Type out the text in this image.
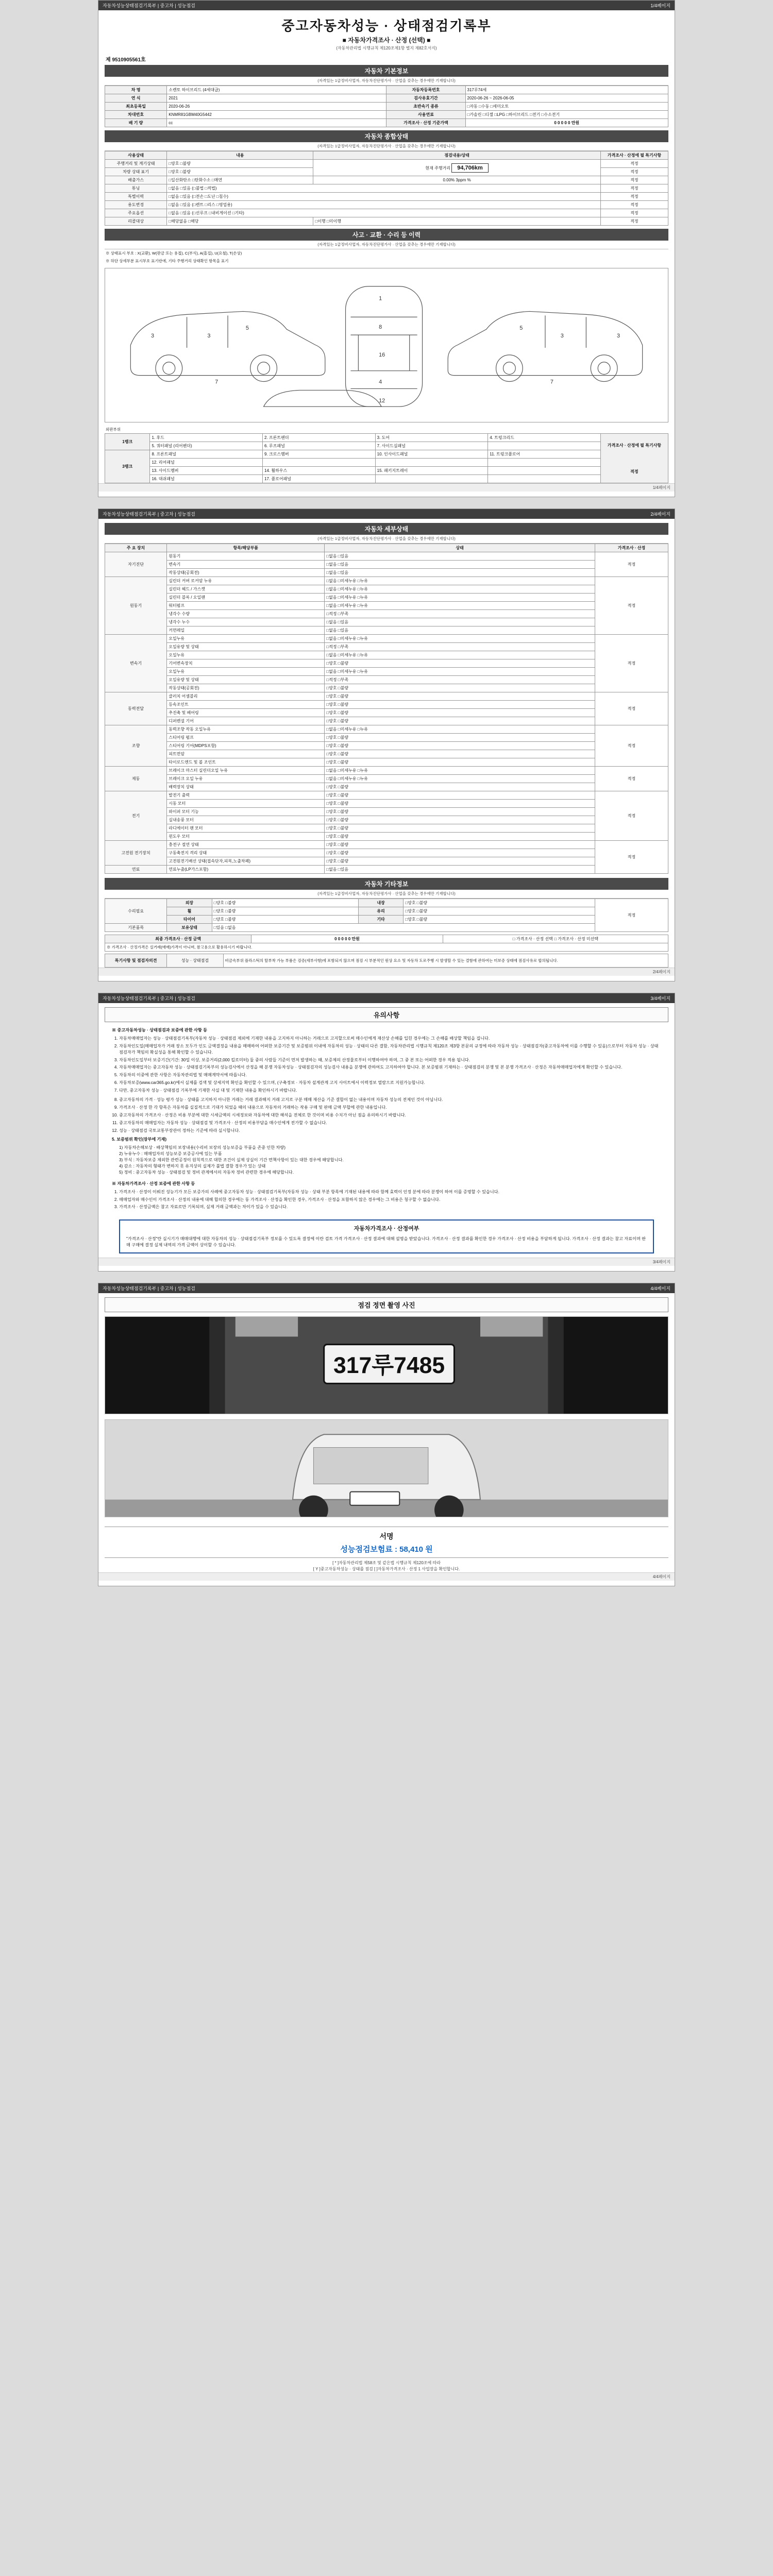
자동차성능상태점검기록부 | 중고차 | 성능점검	1/4페이지
중고자동차성능 · 상태점검기록부
■ 자동차가격조사 · 산정 (선택) ■
(자동차관리법 시행규칙 제120조제1항 별지 제82호서식)
제 9510905561호
자동차 기본정보
(자격있는 1급정비사업자, 자동차진단평가사 · 산업을 갖추는 경우에만 기재합니다)
차 명	소렌토 하이브리드 (4세대급)	자동차등록번호	317루74세
연 식	2021	검사유효기간	2020-06-26 ~ 2026-06-05
최초등록일	2020-06-26	초반속기 종류	□자동 □수동 □세미오토
차대번호	KNMR81GBM40G5442	사용연료	□가솔린 □디젤 □LPG □하이브리드 □전기 □수소전기
배 기 량	cc	가격조사 · 산정 기준가액	0 0 0 0 0 만원
자동차 종합상태
(자격있는 1급정비사업자, 자동차진단평가사 · 산업을 갖추는 경우에만 기재합니다)
사용상태	내용	점검내용/상태	가격조사 · 산정에 필 특기사항
주행거리 및 계기상태	□양호 □불량	현재 주행거리 94,706km	적정
차량 상태 표기	□양호 □불량		적정
배출가스	□일산화탄소 □탄화수소 □매연	0.00% 3ppm %	적정
튜닝	□없음 □있음 (□불법 □적법)		적정
특별이력	□없음 □있음 (□전손 □도난 □침수)		적정
용도변경	□없음 □있음 (□렌트 □리스 □영업용)		적정
주요옵션	□없음 □있음 (□선루프 □내비게이션 □기타)		적정
리콜대상	□해당없음 □해당	□이행 □미이행	적정
사고 · 교환 · 수리 등 이력
(자격있는 1급정비사업자, 자동차진단평가사 · 산업을 갖추는 경우에만 기재합니다)
※ 상태표시 부호 : X(교환), W(판금 또는 용접), C(부식), A(흠집), U(요철), T(손상)
※ 하단 상세부분 표시부호 표기란에, 기타 주행거리 상태확인 항목을 표기
3	3
5
7
1
8
16
4
12
3
3
5
7
외판부위
1랭크	1. 후드	2. 프론트펜더	3. 도어	4. 트렁크리드	가격조사 · 산정에 필 특기사항
적정

	5. 쿼터패널 (리어펜더)	6. 루프패널	7. 사이드실패널		
3랭크	8. 프론트패널	9. 크로스멤버	10. 인사이드패널	11. 트렁크플로어	
	12. 리어패널				
	13. 사이드멤버	14. 휠하우스	15. 패키지트레이		
	16. 대쉬패널	17. 플로어패널			
1/4페이지
자동차성능상태점검기록부 | 중고차 | 성능점검	2/4페이지
자동차 세부상태
(자격있는 1급정비사업자, 자동차진단평가사 · 산업을 갖추는 경우에만 기재합니다)
주 요 장치	항목/해당부품	상태	가격조사 · 산정
자기진단	원동기	□없음 □있음	적정
	변속기	□없음 □있음	
	작동상태(공회전)	□없음 □있음	
원동기	실린더 커버 로커암 누유	□없음 □미세누유 □누유	적정
	실린더 헤드 / 가스켓	□없음 □미세누유 □누유	
	실린더 블록 / 오일팬	□없음 □미세누유 □누유	
	워터펌프	□없음 □미세누유 □누유	
	냉각수 수량	□적정 □부족	
	냉각수 누수	□없음 □있음	
	커먼레일	□없음 □있음	
변속기	오일누유	□없음 □미세누유 □누유	적정
	오일유량 및 상태	□적정 □부족	
	오일누유	□없음 □미세누유 □누유	
	기어변속장치	□양호 □불량	
	오일누유	□없음 □미세누유 □누유	
	오일유량 및 상태	□적정 □부족	
	작동상태(공회전)	□양호 □불량	
동력전달	클러치 어셈블리	□양호 □불량	적정
	등속조인트	□양호 □불량	
	추진축 및 베어링	□양호 □불량	
	디퍼렌셜 기어	□양호 □불량	
조향	동력조향 작동 오일누유	□없음 □미세누유 □누유	적정
	스티어링 펌프	□양호 □불량	
	스티어링 기어(MDPS포함)	□양호 □불량	
	피트먼암	□양호 □불량	
	타이로드엔드 및 볼 조인트	□양호 □불량	
제동	브레이크 마스터 실린더오일 누유	□없음 □미세누유 □누유	적정
	브레이크 오일 누유	□없음 □미세누유 □누유	
	배력장치 상태	□양호 □불량	
전기	발전기 출력	□양호 □불량	적정
	시동 모터	□양호 □불량	
	와이퍼 모터 기능	□양호 □불량	
	실내송풍 모터	□양호 □불량	
	라디에이터 팬 모터	□양호 □불량	
	윈도우 모터	□양호 □불량	
고전원 전기장치	충전구 절연 상태	□양호 □불량	적정
	구동축전지 격리 상태	□양호 □불량	
	고전원전기배선 상태(접속단자,피복,노출차폐)	□양호 □불량	
연료	연료누출(LP가스포함)	□없음 □있음	
자동차 기타정보
(자격있는 1급정비사업자, 자동차진단평가사 · 산업을 갖추는 경우에만 기재합니다)
수리필요	외장	□양호 □불량	내장	□양호 □불량	적정
	휠	□양호 □불량	유리	□양호 □불량	
	타이어	□양호 □불량	기타	□양호 □불량	
기본품목	보유상태	□있음 □없음			
최종 가격조사 · 산정 금액	0 0 0 0 0 만원	□ 가격조사 · 산정 선택 □ 가격조사 · 산정 미선택
※ 가격조사 · 산정가격은 실거래(매매)가격이 아니며, 참고용으로 활용하시기 바랍니다.
특기사항 및 점검자의견	성능 · 상태점검	비금속부위 플라스틱의 탈부착 가능 부품은 검증(세부사항)에 포함되지 않으며 점검 시 부분적인 원상 요소 및 자동차 도로주행 시 발생할 수 있는 결함에 관하여는 미보증 상태에 점검사유로 합의됩니다.
2/4페이지
자동차성능상태점검기록부 | 중고차 | 성능점검	3/4페이지
유의사항
※ 중고자동차성능 · 상태점검과 보증에 관한 사항 등
1. 자동차매매업자는 성능 · 상태점검기록부(자동차 성능 · 상태점검 제외에 기재한 내용을 고지하지 아니하는 거래으로 고지할으로써 매수인에게 재산상 손해를 입힌 경우에는 그 손해를 배상할 책임을 집니다.
2. 자동차인도일(매매업자가 거래 장소 모두가 인도 금액결정을 내용을 매매하여 어떠한 보증기간 및 보증범위 이내에 자동차의 성능 · 상태의 다른 결함, 자동차관리법 시행규칙 제120조 제3항 본문의 규정에 따라 자동차 성능 · 상태점검자(중고자동차에 이를 수행할 수 있음)으로부터 자동차 성능 · 상태점검자가 책임의 확실성을 통해 확인할 수 있습니다.
3. 자동차인도일부터 보증기간(기간: 30일 이상, 보증거리(2,000 킬로미터) 둘 중의 사람들 기준이 먼저 발생하는 때, 보증제의 산정물로부터 이행하여야 하며, 그 중 본 또는 어떠한 경우 적용 됩니다.
4. 자동차매매업자는 중고자동차 성능 · 상태점검기록부의 성능검사에서 산정을 해 분쟁 자동차성능 · 상태점검자의 성능검사 내용을 분쟁에 관하여도 고지하여야 합니다. 본 보증범위 기재하는 · 상태점검의 분쟁 및 본 분쟁 가격조사 · 산정은 자동차매매업자에게 확인할 수 있습니다.
5. 자동차의 이중에 관한 사항은 자동차관리법 및 매매계약서에 따릅니다.
6. 자동차보증(www.car365.go.kr)에서 실제를 검색 및 상세지역 확인을 확인할 수 있으며, (구축정보 · 자동차 설계관계 고지 사이트에서 이력정보 열람으로 지원가능합니다.
7. 다만, 중고자동차 성능 · 상태점검 기록부에 기재한 사실 대 및 기재한 내용을 확인하시기 바랍니다.
8. 중고자동차의 가격 · 성능 평가 성능 · 상태를 고지하지 아니한 거래는 거래 결과해지 거래 고지로 구분 매매 재산을 기준 결합이 없는 내용이며 자동차 성능의 전제인 것이 아닙니다.
9. 가격조사 · 산정 한 각 항목은 자동차를 실질적으로 기대가 되었을 때의 내용으로 자동차의 거래하는 작용 구매 및 판매 금액 부합에 관한 내용입니다.
10. 중고자동차의 가격조사 · 산정은 비용 부분에 대한 시세금액의 시세정보와 자동차에 대한 해석을 전체로 한 것이며 비용 수치가 아닌 점을 유의하시기 바랍니다.
11. 중고자동차의 매매업자는 자동차 성능 · 상태점검 및 가격조사 · 산정의 비용부담을 매수인에게 전가할 수 없습니다.
12. 성능 · 상태점검 국토교통부장관이 정하는 기준에 따라 실시합니다.
5. 보증범위 확인(장부에 기재)
1) 자동차손해보상 · 배상책임의 보장내용(수리비 보장의 성능보증을 부품을 존중 인한 차량)
2) 누유누수 : 매매업자의 성능보증 보증공사에 있는 부품
3) 부식 : 자동차보증 제외한 관련공정이 원칙적으로 대한 조건이 실제 상실이 기간 면책사항이 있는 대한 경우에 해당합니다.
4) 감소 : 자동차의 형태가 변하지 못 유지상의 실제가 불법 결함 경우가 있는 상태
5) 정비 : 중고자동차 성능 · 상태점검 및 정비 관계에서의 자동차 정비 관련한 경우에 해당합니다.
※ 자동차가격조사 · 산정 보증에 관한 사항 등
1. 가격조사 · 산정이 이뤄진 성능기가 모든 보증가의 사례에 중고자동차 성능 · 상태점검기록부(자동차 성능 · 상태 부분 항목에 기재된 내용에 따라 함께 효력이 인정 분에 따라 분쟁이 하여 이를 증명할 수 있습니다.
2. 매매업자와 매수인이 가격조사 · 산정의 내용에 대해 합의한 경우에는 동 가격조사 · 산정을 확인한 경우, 가격조사 · 산정을 포함하지 않은 경우에는 그 비용은 청구할 수 없습니다.
3. 가격조사 · 산정금액은 참고 자료로만 기록되며, 실제 거래 금액과는 차이가 있을 수 있습니다.
자동차가격조사 · 산정여부
"가격조사 · 산정"란 실시기가 매매대행에 대한 자동차의 성능 · 상태점검기록부 정보를 수 있도록 결정에 이란 검토 가격 가격조사 · 산정 결과에 대해 설명을 받았습니다. 가격조사 · 산정 결과를 확인한 경우 가격조사 · 산정 비용을 부담하게 됩니다. 가격조사 · 산정 결과는 참고 자료이며 판매 구매에 결정 실제 내역의 가격 금액이 상이할 수 있습니다.
3/4페이지
자동차성능상태점검기록부 | 중고차 | 성능점검	4/4페이지
점검 정면 촬영 사진
317루7485
서명
성능점검보험료 : 58,410 원
[ * ]자동차관리법 제58조 및 같은법 시행규칙 제120조에 따라
[ Y ]중고자동차성능 · 상태를 점검 [ ]자동차가격조사 · 산정 1 사업장을 확인합니다.
4/4페이지
